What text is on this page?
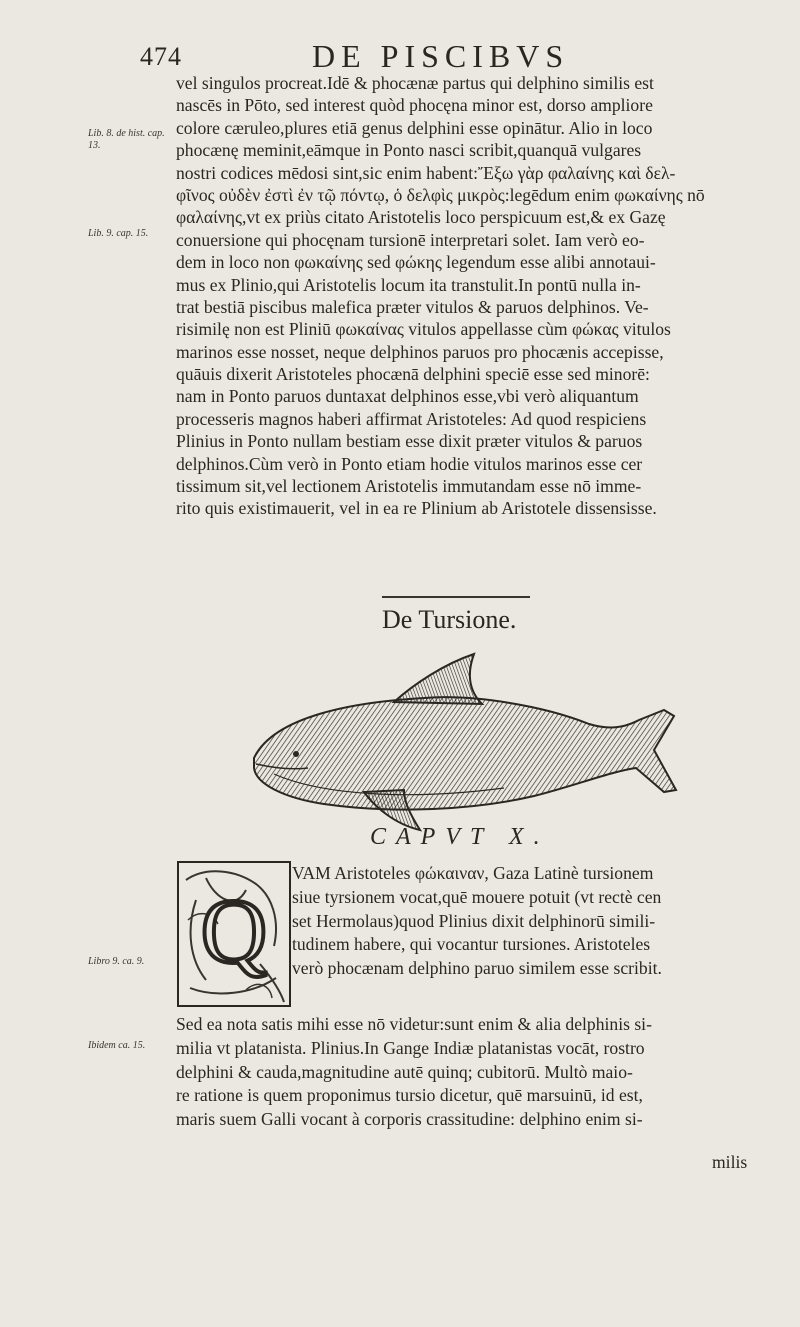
474	DE PISCIBVS
Lib. 8. de hist. cap. 13.
Lib. 9. cap. 15.
Libro 9. ca. 9.
Ibidem ca. 15.
vel singulos procreat.Idē & phocænæ partus qui delphino similis est
nascēs in Pōto, sed interest quòd phocęna minor est, dorso ampliore
colore cæruleo,plures etiā genus delphini esse opinātur. Alio in loco
phocænę meminit,eāmque in Ponto nasci scribit,quanquā vulgares
nostri codices mēdosi sint,sic enim habent:Ἔξω γὰρ φαλαίνης καὶ δελ-
φῖνος οὐδὲν ἐστὶ ἐν τῷ πόντῳ, ὁ δελφὶς μικρὸς:legēdum enim φωκαίνης nō
φαλαίνης,vt ex priùs citato Aristotelis loco perspicuum est,& ex Gazę
conuersione qui phocęnam tursionē interpretari solet. Iam verò eo-
dem in loco non φωκαίνης sed φώκης legendum esse alibi annotaui-
mus ex Plinio,qui Aristotelis locum ita transtulit.In pontū nulla in-
trat bestiā piscibus malefica præter vitulos & paruos delphinos. Ve-
risimilę non est Pliniū φωκαίνας vitulos appellasse cùm φώκας vitulos
marinos esse nosset, neque delphinos paruos pro phocænis accepisse,
quāuis dixerit Aristoteles phocænā delphini speciē esse sed minorē:
nam in Ponto paruos duntaxat delphinos esse,vbi verò aliquantum
processeris magnos haberi affirmat Aristoteles: Ad quod respiciens
Plinius in Ponto nullam bestiam esse dixit præter vitulos & paruos
delphinos.Cùm verò in Ponto etiam hodie vitulos marinos esse cer
tissimum sit,vel lectionem Aristotelis immutandam esse nō imme-
rito quis existimauerit, vel in ea re Plinium ab Aristotele dissensisse.
De Tursione.
CAPVT X.
Q
VAM Aristoteles φώκαιναν, Gaza Latinè tursionem
siue tyrsionem vocat,quē mouere potuit (vt rectè cen
set Hermolaus)quod Plinius dixit delphinorū simili-
tudinem habere, qui vocantur tursiones. Aristoteles
verò phocænam delphino paruo similem esse scribit.
Sed ea nota satis mihi esse nō videtur:sunt enim & alia delphinis si-
milia vt platanista. Plinius.In Gange Indiæ platanistas vocāt, rostro
delphini & cauda,magnitudine autē quinq; cubitorū. Multò maio-
re ratione is quem proponimus tursio dicetur, quē marsuinū, id est,
maris suem Galli vocant à corporis crassitudine: delphino enim si-
milis
